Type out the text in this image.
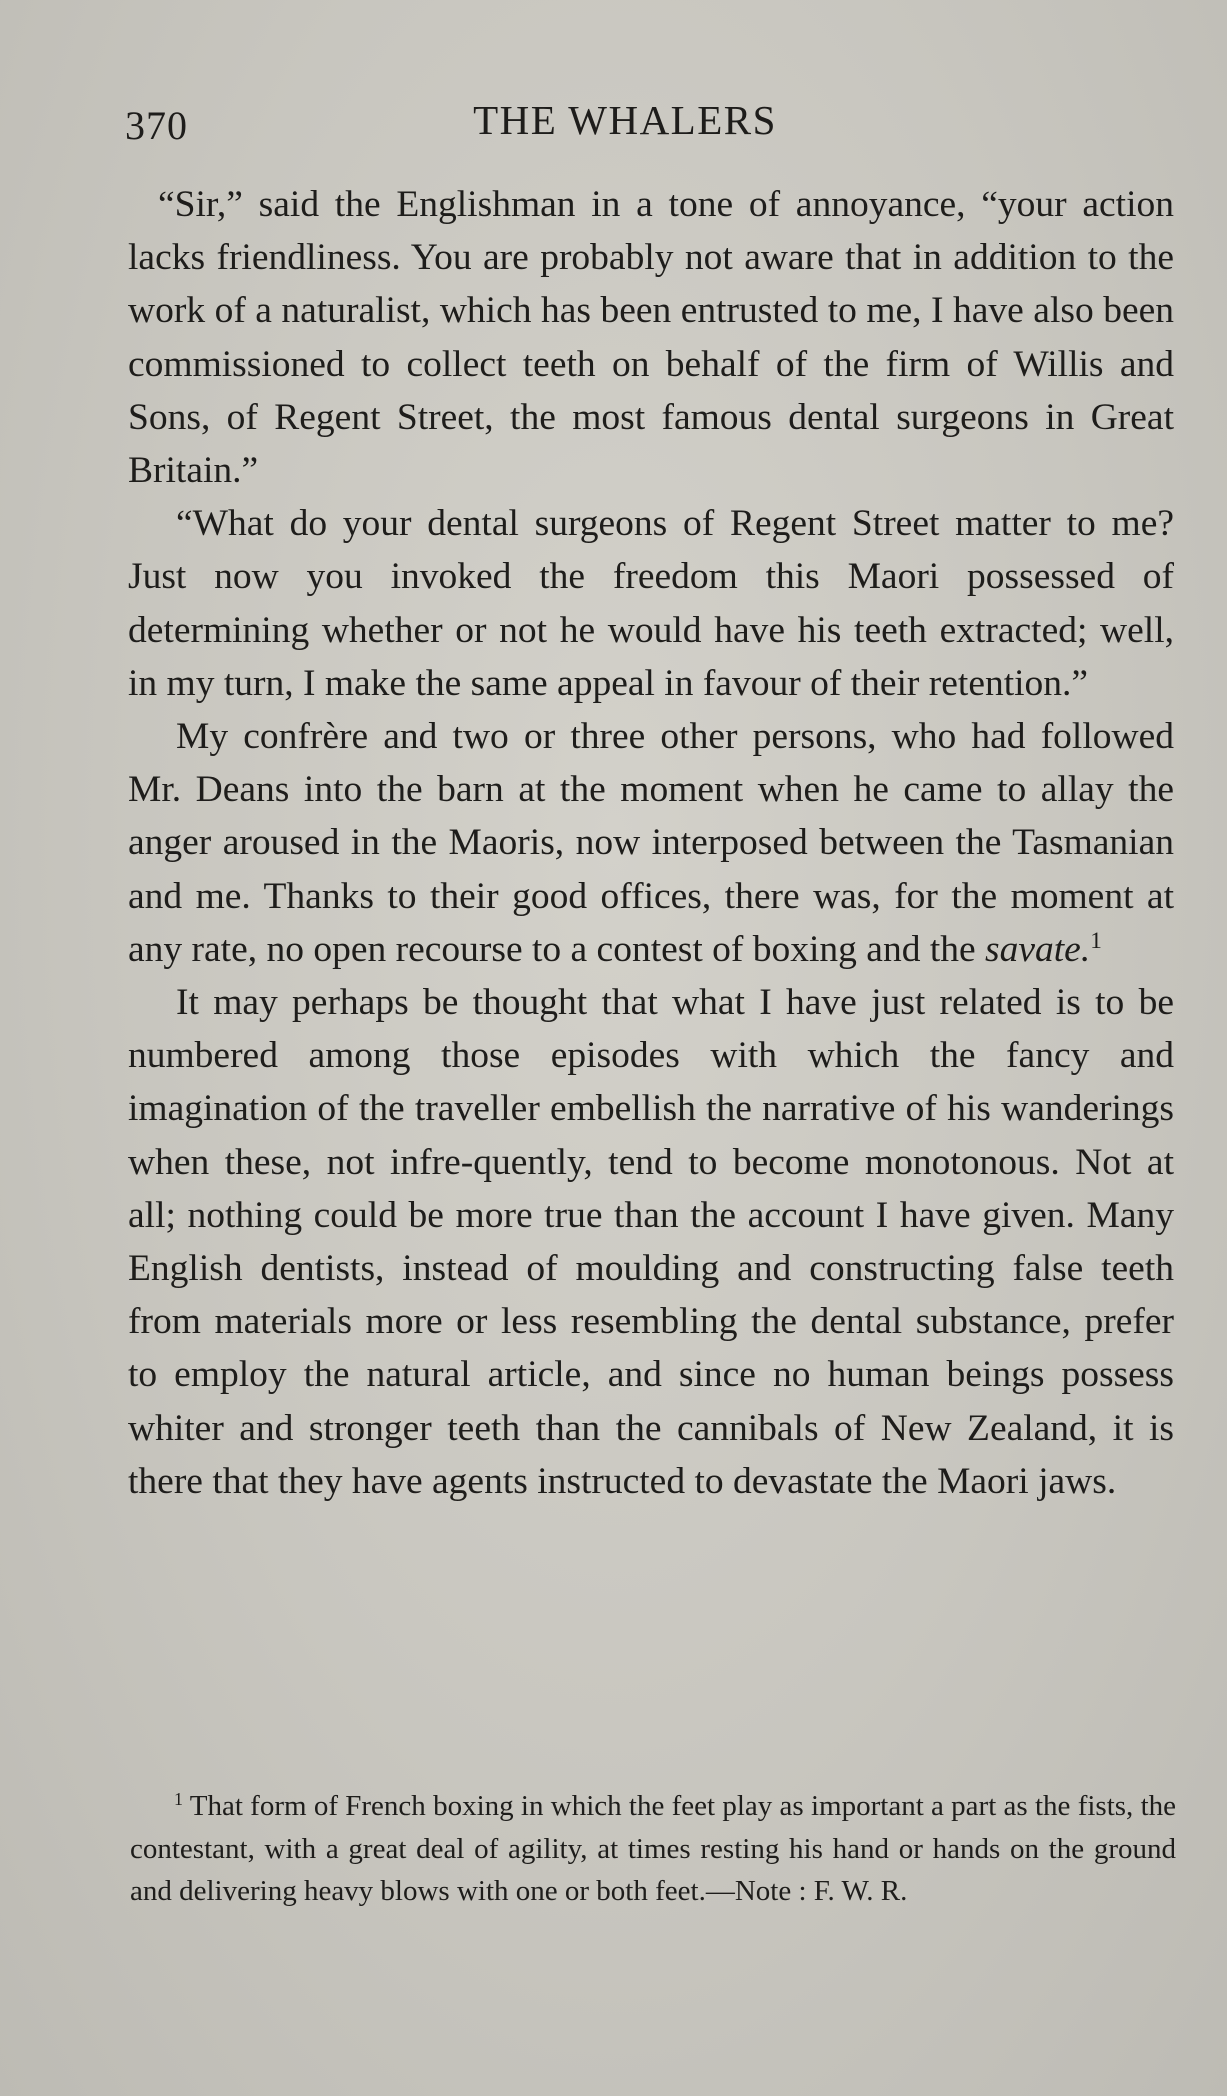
370	THE WHALERS

“Sir,” said the Englishman in a tone of annoyance, “your action lacks friendliness. You are probably not aware that in addition to the work of a naturalist, which has been entrusted to me, I have also been commissioned to collect teeth on behalf of the firm of Willis and Sons, of Regent Street, the most famous dental surgeons in Great Britain.”

“What do your dental surgeons of Regent Street matter to me? Just now you invoked the freedom this Maori possessed of determining whether or not he would have his teeth extracted; well, in my turn, I make the same appeal in favour of their retention.”

My confrère and two or three other persons, who had followed Mr. Deans into the barn at the moment when he came to allay the anger aroused in the Maoris, now interposed between the Tasmanian and me. Thanks to their good offices, there was, for the moment at any rate, no open recourse to a contest of boxing and the savate.$^1$

It may perhaps be thought that what I have just related is to be numbered among those episodes with which the fancy and imagination of the traveller embellish the narrative of his wanderings when these, not infre-quently, tend to become monotonous. Not at all; nothing could be more true than the account I have given. Many English dentists, instead of moulding and constructing false teeth from materials more or less resembling the dental substance, prefer to employ the natural article, and since no human beings possess whiter and stronger teeth than the cannibals of New Zealand, it is there that they have agents instructed to devastate the Maori jaws.

$^1$ That form of French boxing in which the feet play as important a part as the fists, the contestant, with a great deal of agility, at times resting his hand or hands on the ground and delivering heavy blows with one or both feet.—Note : F. W. R.
